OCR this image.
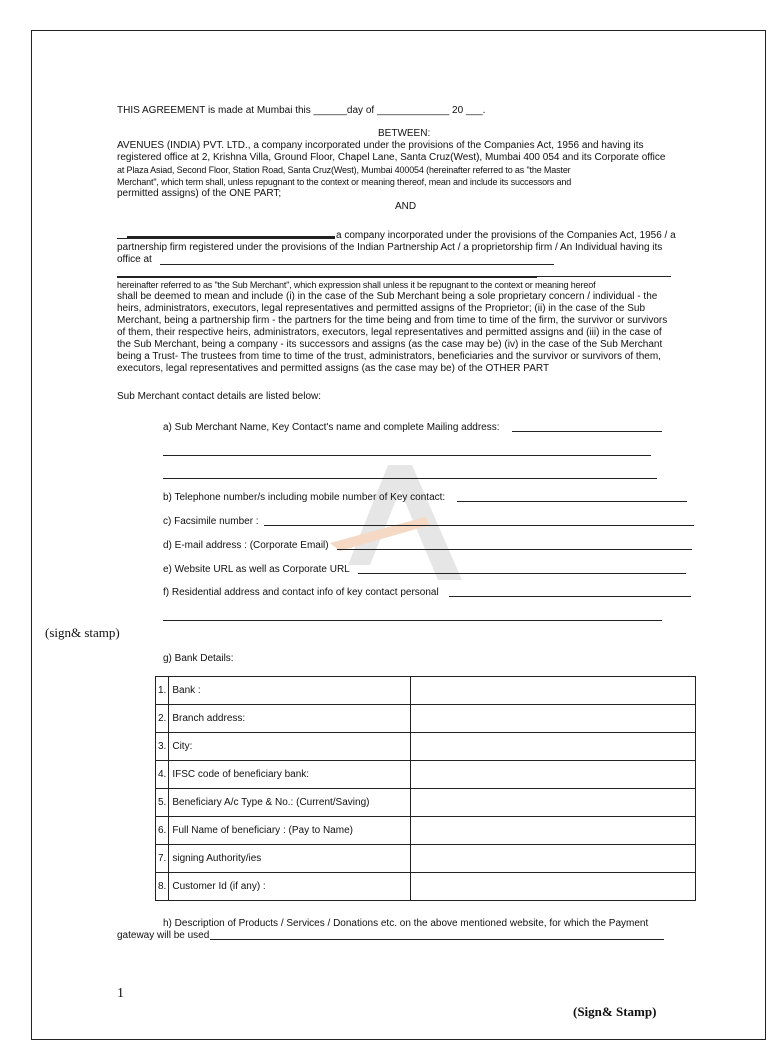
THIS AGREEMENT is made at Mumbai this ______day of _____________ 20 ___.
BETWEEN:
AVENUES (INDIA) PVT. LTD., a company incorporated under the provisions of the Companies Act, 1956 and having its
registered office at 2, Krishna Villa, Ground Floor, Chapel Lane, Santa Cruz(West), Mumbai 400 054 and its Corporate office
at Plaza Asiad, Second Floor, Station Road, Santa Cruz(West), Mumbai 400054 (hereinafter referred to as "the Master
Merchant", which term shall, unless repugnant to the context or meaning thereof, mean and include its successors and
permitted assigns) of the ONE PART;
AND
a company incorporated under the provisions of the Companies Act, 1956 / a
partnership firm registered under the provisions of the Indian Partnership Act / a proprietorship firm / An Individual having its
office at
hereinafter referred to as "the Sub Merchant", which expression shall unless it be repugnant to the context or meaning hereof
shall be deemed to mean and include (i) in the case of the Sub Merchant being a sole proprietary concern / individual - the
heirs, administrators, executors, legal representatives and permitted assigns of the Proprietor; (ii) in the case of the Sub
Merchant, being a partnership firm - the partners for the time being and from time to time of the firm, the survivor or survivors
of them, their respective heirs, administrators, executors, legal representatives and permitted assigns and (iii) in the case of
the Sub Merchant, being a company - its successors and assigns (as the case may be) (iv) in the case of the Sub Merchant
being a Trust- The trustees from time to time of the trust, administrators, beneficiaries and the survivor or survivors of them,
executors, legal representatives and permitted assigns (as the case may be) of the OTHER PART
Sub Merchant contact details are listed below:
a) Sub Merchant Name, Key Contact's name and complete Mailing address:
b) Telephone number/s including mobile number of Key contact:
c) Facsimile number :
d) E-mail address : (Corporate Email)
e) Website URL as well as Corporate URL
f) Residential address and contact info of key contact personal
(sign& stamp)
g) Bank Details:
1.	Bank :	
2.	Branch address:	
3.	City:	
4.	IFSC code of beneficiary bank:	
5.	Beneficiary A/c Type & No.: (Current/Saving)	
6.	Full Name of beneficiary : (Pay to Name)	
7.	signing Authority/ies	
8.	Customer Id (if any) :	
h) Description of Products / Services / Donations etc. on the above mentioned website, for which the Payment
gateway will be used
1
(Sign& Stamp)
